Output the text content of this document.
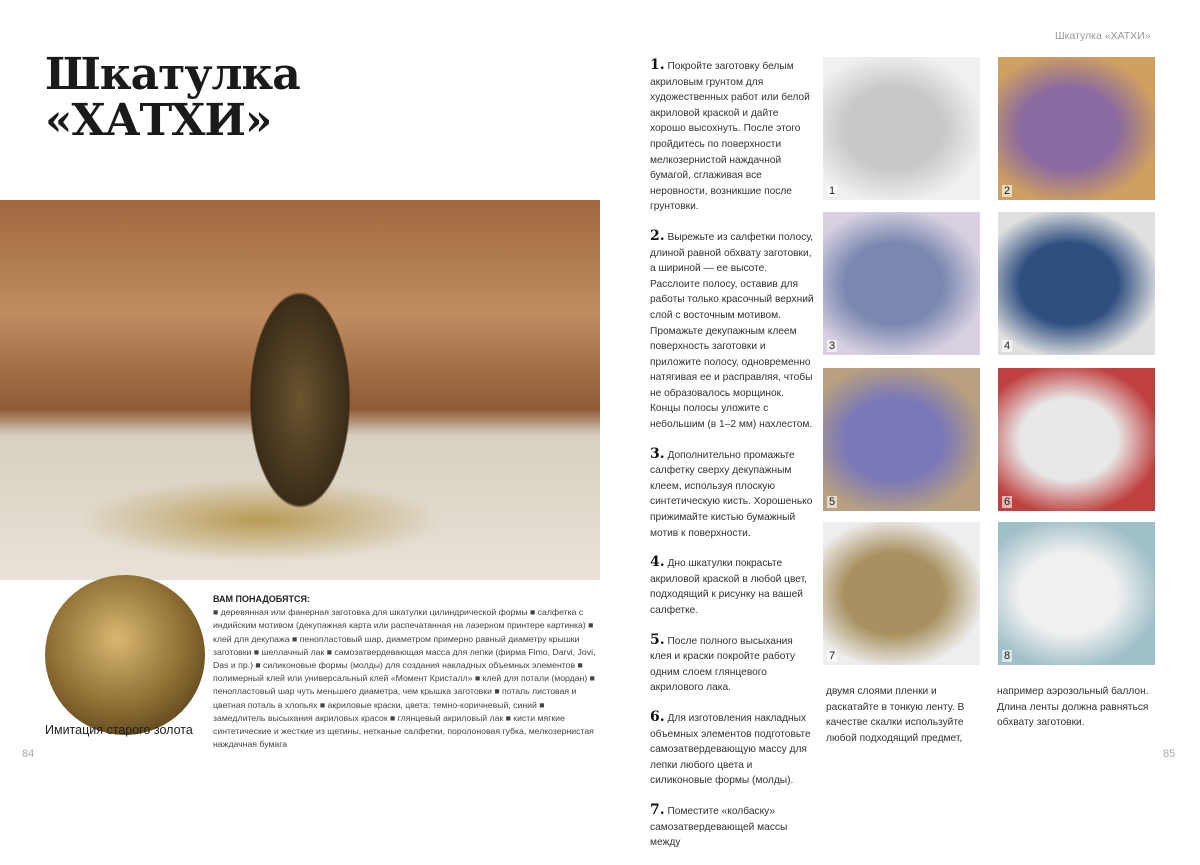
Шкатулка
«ХАТХИ»
Имитация старого золота
ВАМ ПОНАДОБЯТСЯ:

■ деревянная или фанерная заготовка для шкатулки цилиндрической формы ■ салфетка с индийским мотивом (декупажная карта или распечатанная на лазерном принтере картинка) ■ клей для декупажа ■ пенопластовый шар, диаметром примерно равный диаметру крышки заготовки ■ шеллачный лак ■ самозатвердевающая масса для лепки (фирма Fimo, Darvi, Jovi, Das и пр.) ■ силиконовые формы (молды) для создания накладных объемных элементов ■ полимерный клей или универсальный клей «Момент Кристалл» ■ клей для потали (мордан) ■ пенопластовый шар чуть меньшего диаметра, чем крышка заготовки ■ поталь листовая и цветная поталь в хлопьях ■ акриловые краски, цвета: темно-коричневый, синий ■ замедлитель высыхания акриловых красок ■ глянцевый акриловый лак ■ кисти мягкие синтетические и жесткие из щетины, нетканые салфетки, поролоновая губка, мелкозернистая наждачная бумага

84
Шкатулка «ХАТХИ»
1. Покройте заготовку белым акриловым грунтом для художественных работ или белой акриловой краской и дайте хорошо высохнуть. После этого пройдитесь по поверхности мелкозернистой наждачной бумагой, сглаживая все неровности, возникшие после грунтовки.
2. Вырежьте из салфетки полосу, длиной равной обхвату заготовки, а шириной — ее высоте. Расслоите полосу, оставив для работы только красочный верхний слой с восточным мотивом. Промажьте декупажным клеем поверхность заготовки и приложите полосу, одновременно натягивая ее и расправляя, чтобы не образовалось морщинок. Концы полосы уложите с небольшим (в 1–2 мм) нахлестом.
3. Дополнительно промажьте салфетку сверху декупажным клеем, используя плоскую синтетическую кисть. Хорошенько прижимайте кистью бумажный мотив к поверхности.
4. Дно шкатулки покрасьте акриловой краской в любой цвет, подходящий к рисунку на вашей салфетке.
5. После полного высыхания клея и краски покройте работу одним слоем глянцевого акрилового лака.
6. Для изготовления накладных объемных элементов подготовьте самозатвердевающую массу для лепки любого цвета и силиконовые формы (молды).
7. Поместите «колбаску» самозатвердевающей массы между
1	2
3	4
5	6
7	8
двумя слоями пленки и раскатайте в тонкую ленту. В качестве скалки используйте любой подходящий предмет,
например аэрозольный баллон. Длина ленты должна равняться обхвату заготовки.
85
